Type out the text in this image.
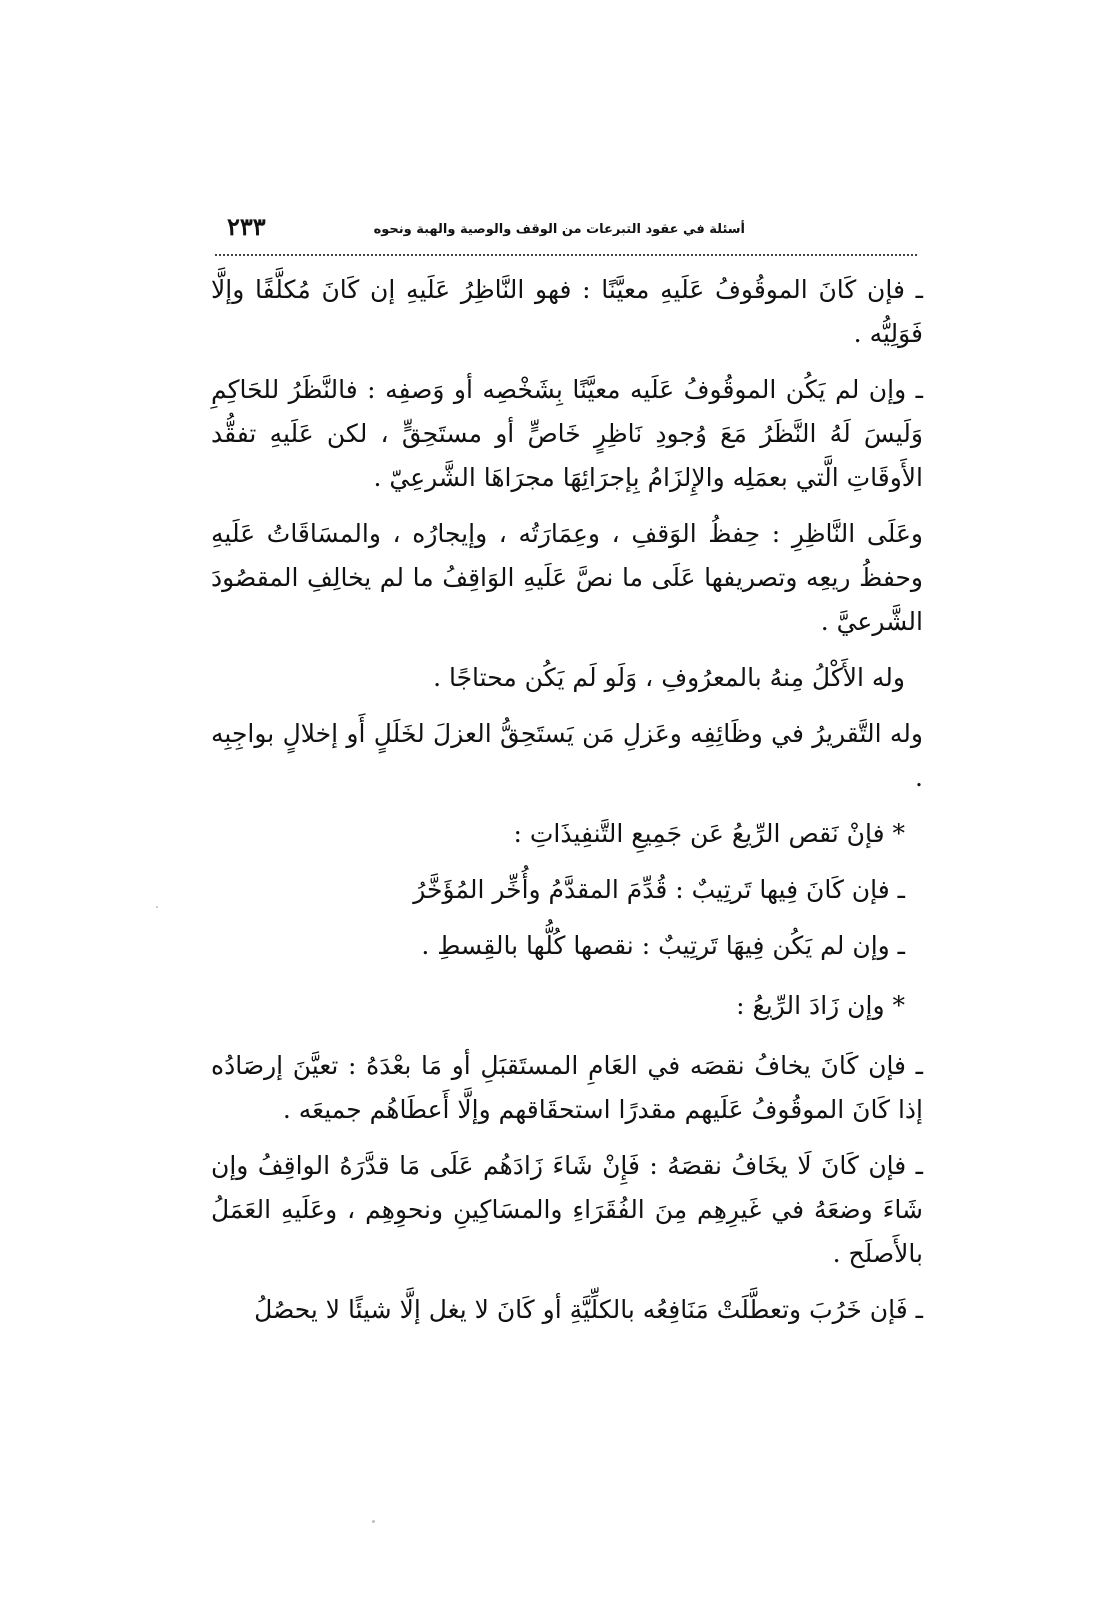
أسئلة في عقود التبرعات من الوقف والوصية والهبة ونحوه
٢٣٣

ـ فإن كَانَ الموقُوفُ عَلَيهِ معيَّنًا : فهو النَّاظِرُ عَلَيهِ إن كَانَ مُكلَّفًا وإلَّا فَوَلِيُّه .

ـ وإن لم يَكُن الموقُوفُ عَلَيه معيَّنًا بِشَخْصِه أو وَصفِه : فالنَّظَرُ للحَاكِمِ وَلَيسَ لَهُ النَّظَرُ مَعَ وُجودِ نَاظِرٍ خَاصٍّ أو مستَحِقٍّ ، لكن عَلَيهِ تفقُّد الأَوقَاتِ الَّتي بعمَلِه والإِلزَامُ بِإجرَائِهَا مجرَاهَا الشَّرعِيّ .

وعَلَى النَّاظِرِ : حِفظُ الوَقفِ ، وعِمَارَتُه ، وإيجارُه ، والمسَاقَاتُ عَلَيهِ وحفظُ ريعِه وتصريفها عَلَى ما نصَّ عَلَيهِ الوَاقِفُ ما لم يخالِفِ المقصُودَ الشَّرعيَّ .

وله الأَكْلُ مِنهُ بالمعرُوفِ ، وَلَو لَم يَكُن محتاجًا .

وله التَّقريرُ في وظَائِفِه وعَزلِ مَن يَستَحِقُّ العزلَ لخَلَلٍ أَو إخلالٍ بواجِبِه .

* فإنْ نَقص الرِّيعُ عَن جَمِيعِ التَّنفِيذَاتِ :

ـ فإن كَانَ فِيها تَرتِيبٌ : قُدِّمَ المقدَّمُ وأُخِّر المُؤَخَّرُ

ـ وإن لم يَكُن فِيهَا تَرتِيبٌ : نقصها كُلُّها بالقِسطِ .

* وإن زَادَ الرِّيعُ :

ـ فإن كَانَ يخافُ نقصَه في العَامِ المستَقبَلِ أو مَا بعْدَهُ : تعيَّنَ إرصَادُه إذا كَانَ الموقُوفُ عَلَيهم مقدرًا استحقَاقهم وإلَّا أَعطَاهُم جميعَه .

ـ فإن كَانَ لَا يخَافُ نقصَهُ : فَإِنْ شَاءَ زَادَهُم عَلَى مَا قدَّرَهُ الواقِفُ وإن شَاءَ وضعَهُ في غَيرِهِم مِنَ الفُقَرَاءِ والمسَاكِينِ ونحوِهِم ، وعَلَيهِ العَمَلُ بالأَصلَح .

ـ فَإن خَرُبَ وتعطَّلَتْ مَنَافِعُه بالكلِّيَّةِ أو كَانَ لا يغل إلَّا شيئًا لا يحصُلُ
